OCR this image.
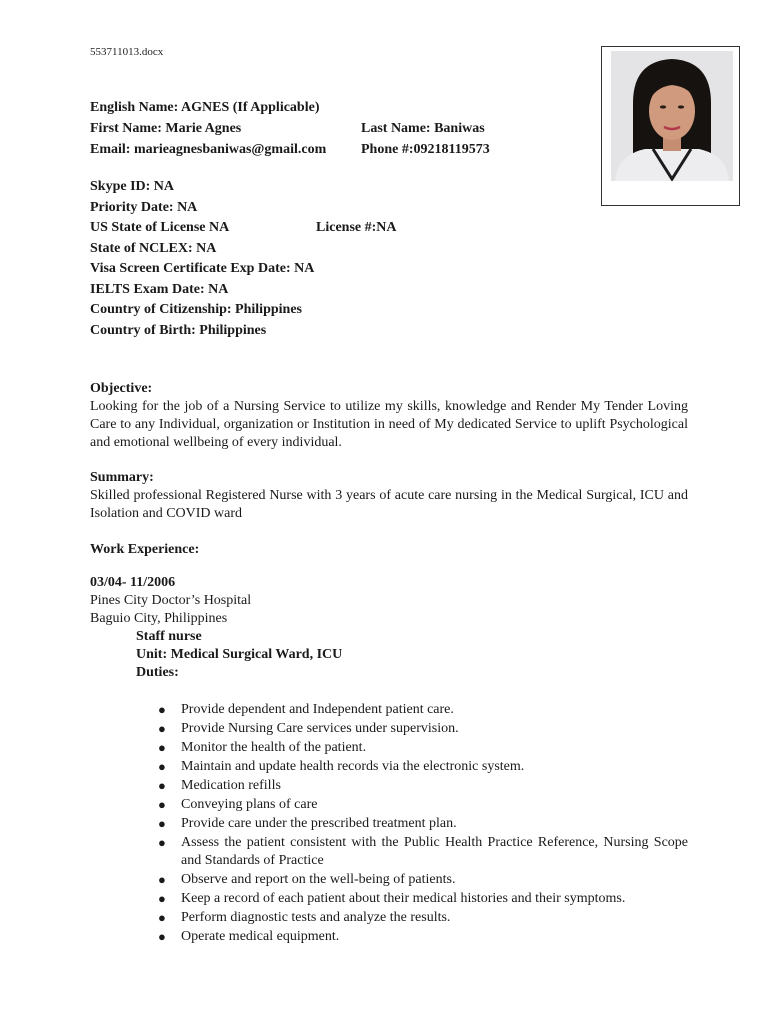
553711013.docx
English Name: AGNES (If Applicable)
First Name: Marie Agnes	Last Name: Baniwas
Email: marieagnesbaniwas@gmail.com Phone #:09218119573
Skype ID: NA
Priority Date: NA
US State of License NA	License #:NA
State of NCLEX: NA
Visa Screen Certificate Exp Date: NA
IELTS Exam Date: NA
Country of Citizenship: Philippines
Country of Birth: Philippines
Objective:
Looking for the job of a Nursing Service to utilize my skills, knowledge and Render My Tender Loving Care to any Individual, organization or Institution in need of My dedicated Service to uplift Psychological and emotional wellbeing of every individual.
Summary:
Skilled professional Registered Nurse with 3 years of acute care nursing in the Medical Surgical, ICU and Isolation and COVID ward
Work Experience:
03/04- 11/2006
Pines City Doctor’s Hospital
Baguio City, Philippines
Staff nurse
Unit: Medical Surgical Ward, ICU
Duties:
● Provide dependent and Independent patient care.
● Provide Nursing Care services under supervision.
● Monitor the health of the patient.
● Maintain and update health records via the electronic system.
● Medication refills
● Conveying plans of care
● Provide care under the prescribed treatment plan.
● Assess the patient consistent with the Public Health Practice Reference, Nursing Scope and Standards of Practice
● Observe and report on the well-being of patients.
● Keep a record of each patient about their medical histories and their symptoms.
● Perform diagnostic tests and analyze the results.
● Operate medical equipment.
